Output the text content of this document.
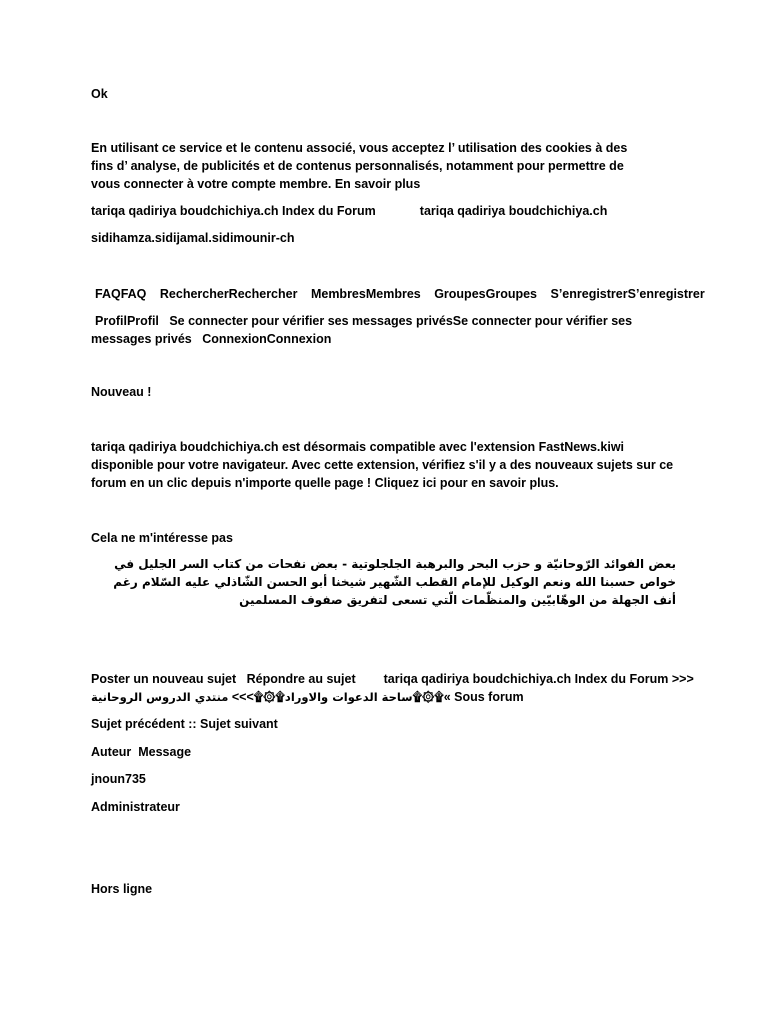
Ok
En utilisant ce service et le contenu associé, vous acceptez l’ utilisation des cookies à des fins d’ analyse, de publicités et de contenus personnalisés, notamment pour permettre de vous connecter à votre compte membre. En savoir plus
tariqa qadiriya boudchichiya.ch Index du Forum	tariqa qadiriya boudchichiya.ch
sidihamza.sidijamal.sidimounir-ch
FAQFAQ RechercherRechercher MembresMembres GroupesGroupes S’enregistrerS’enregistrer
ProfilProfil Se connecter pour vérifier ses messages privésSe connecter pour vérifier ses messages privés ConnexionConnexion
Nouveau !
tariqa qadiriya boudchichiya.ch est désormais compatible avec l'extension FastNews.kiwi disponible pour votre navigateur. Avec cette extension, vérifiez s'il y a des nouveaux sujets sur ce forum en un clic depuis n'importe quelle page ! Cliquez ici pour en savoir plus.
Cela ne m'intéresse pas
بعض الفوائد الرّوحانيّة و حزب البحر والبرهبة الجلجلوتية - بعض نفحات من كتاب السر الجليل في خواص حسبنا الله ونعم الوكيل للإمام القطب الشّهير شيخنا أبو الحسن الشّاذلي عليه السّلام رغم أنف الجهلة من الوهّابيّين والمنظّمات الّتي تسعى لتفريق صفوف المسلمين
Poster un nouveau sujet Répondre au sujet tariqa qadiriya boudchichiya.ch Index du Forum >>>
ساحة الدعوات والاوراد۩۞۩>>> منتدي الدروس الروحانية	۩۞۩« Sous forum
Sujet précédent :: Sujet suivant
Auteur Message
jnoun735
Administrateur
Hors ligne
